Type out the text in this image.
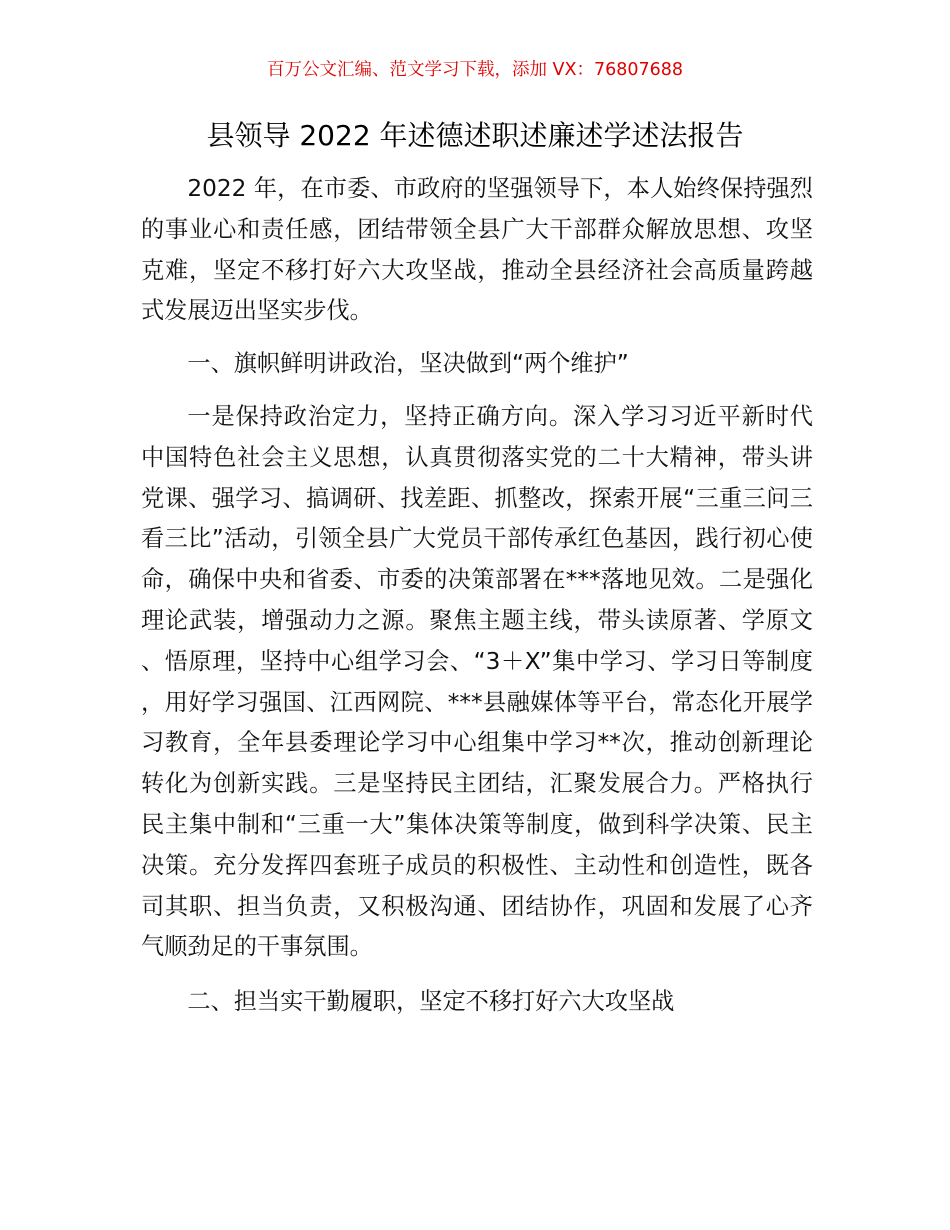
百万公文汇编、范文学习下载，添加 VX：76807688
县领导 2022 年述德述职述廉述学述法报告

2022 年，在市委、市政府的坚强领导下，本人始终保持强烈的事业心和责任感，团结带领全县广大干部群众解放思想、攻坚克难，坚定不移打好六大攻坚战，推动全县经济社会高质量跨越式发展迈出坚实步伐。

一、旗帜鲜明讲政治，坚决做到“两个维护”

一是保持政治定力，坚持正确方向。深入学习习近平新时代中国特色社会主义思想，认真贯彻落实党的二十大精神，带头讲党课、强学习、搞调研、找差距、抓整改，探索开展“三重三问三看三比”活动，引领全县广大党员干部传承红色基因，践行初心使命，确保中央和省委、市委的决策部署在***落地见效。二是强化理论武装，增强动力之源。聚焦主题主线，带头读原著、学原文、悟原理，坚持中心组学习会、“3＋X”集中学习、学习日等制度，用好学习强国、江西网院、***县融媒体等平台，常态化开展学习教育，全年县委理论学习中心组集中学习**次，推动创新理论转化为创新实践。三是坚持民主团结，汇聚发展合力。严格执行民主集中制和“三重一大”集体决策等制度，做到科学决策、民主决策。充分发挥四套班子成员的积极性、主动性和创造性，既各司其职、担当负责，又积极沟通、团结协作，巩固和发展了心齐气顺劲足的干事氛围。

二、担当实干勤履职，坚定不移打好六大攻坚战
